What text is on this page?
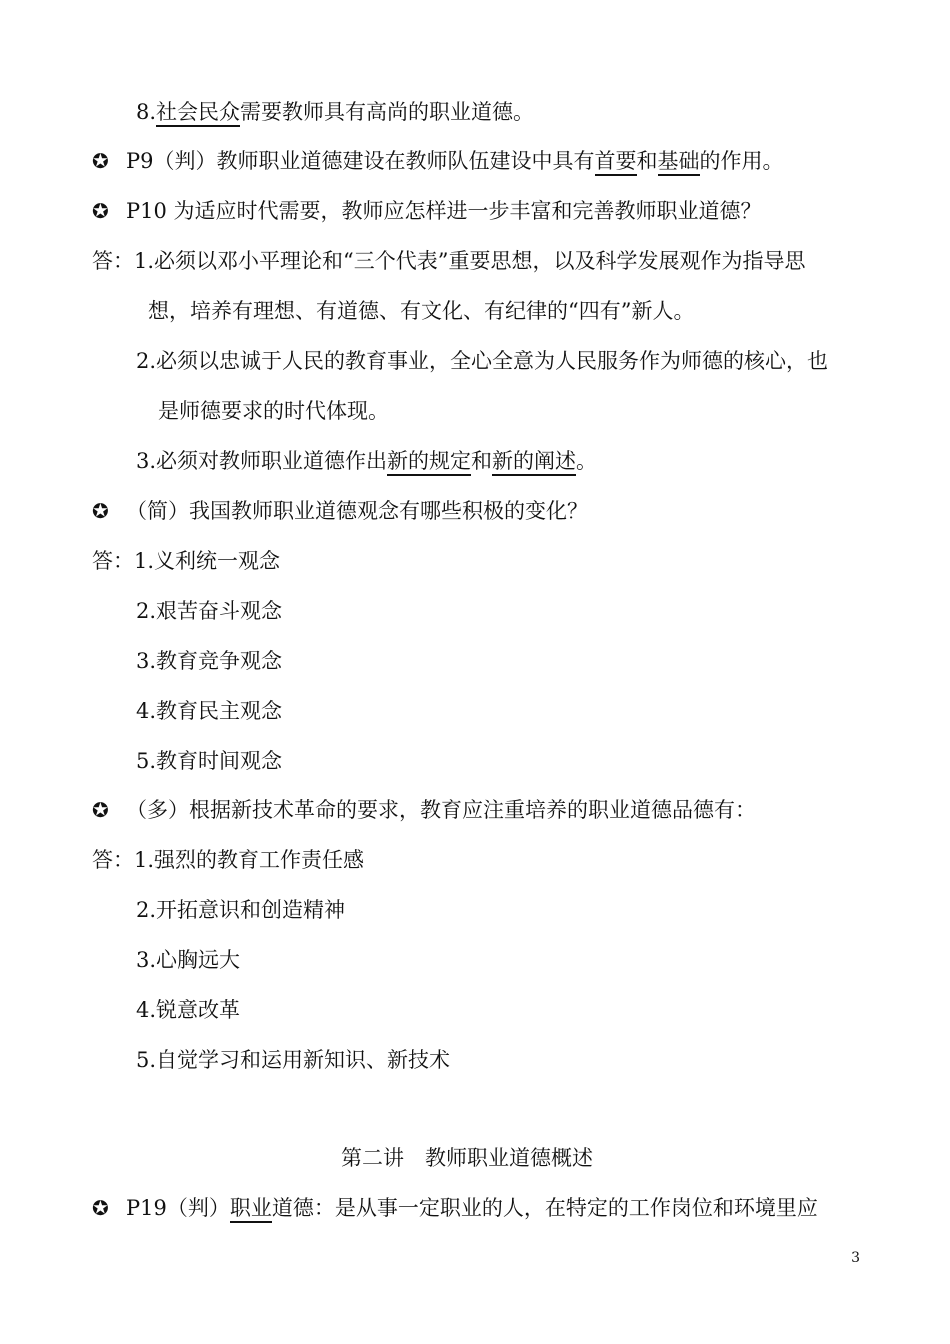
8.社会民众需要教师具有高尚的职业道德。
✪ P9（判）教师职业道德建设在教师队伍建设中具有首要和基础的作用。
✪ P10 为适应时代需要，教师应怎样进一步丰富和完善教师职业道德？
答：1.必须以邓小平理论和“三个代表”重要思想，以及科学发展观作为指导思
想，培养有理想、有道德、有文化、有纪律的“四有”新人。
2.必须以忠诚于人民的教育事业，全心全意为人民服务作为师德的核心，也
是师德要求的时代体现。
3.必须对教师职业道德作出新的规定和新的阐述。
✪ （简）我国教师职业道德观念有哪些积极的变化？
答：1.义利统一观念
2.艰苦奋斗观念
3.教育竞争观念
4.教育民主观念
5.教育时间观念
✪ （多）根据新技术革命的要求，教育应注重培养的职业道德品德有：
答：1.强烈的教育工作责任感
2.开拓意识和创造精神
3.心胸远大
4.锐意改革
5.自觉学习和运用新知识、新技术
第二讲　教师职业道德概述
✪ P19（判）职业道德：是从事一定职业的人，在特定的工作岗位和环境里应
3
